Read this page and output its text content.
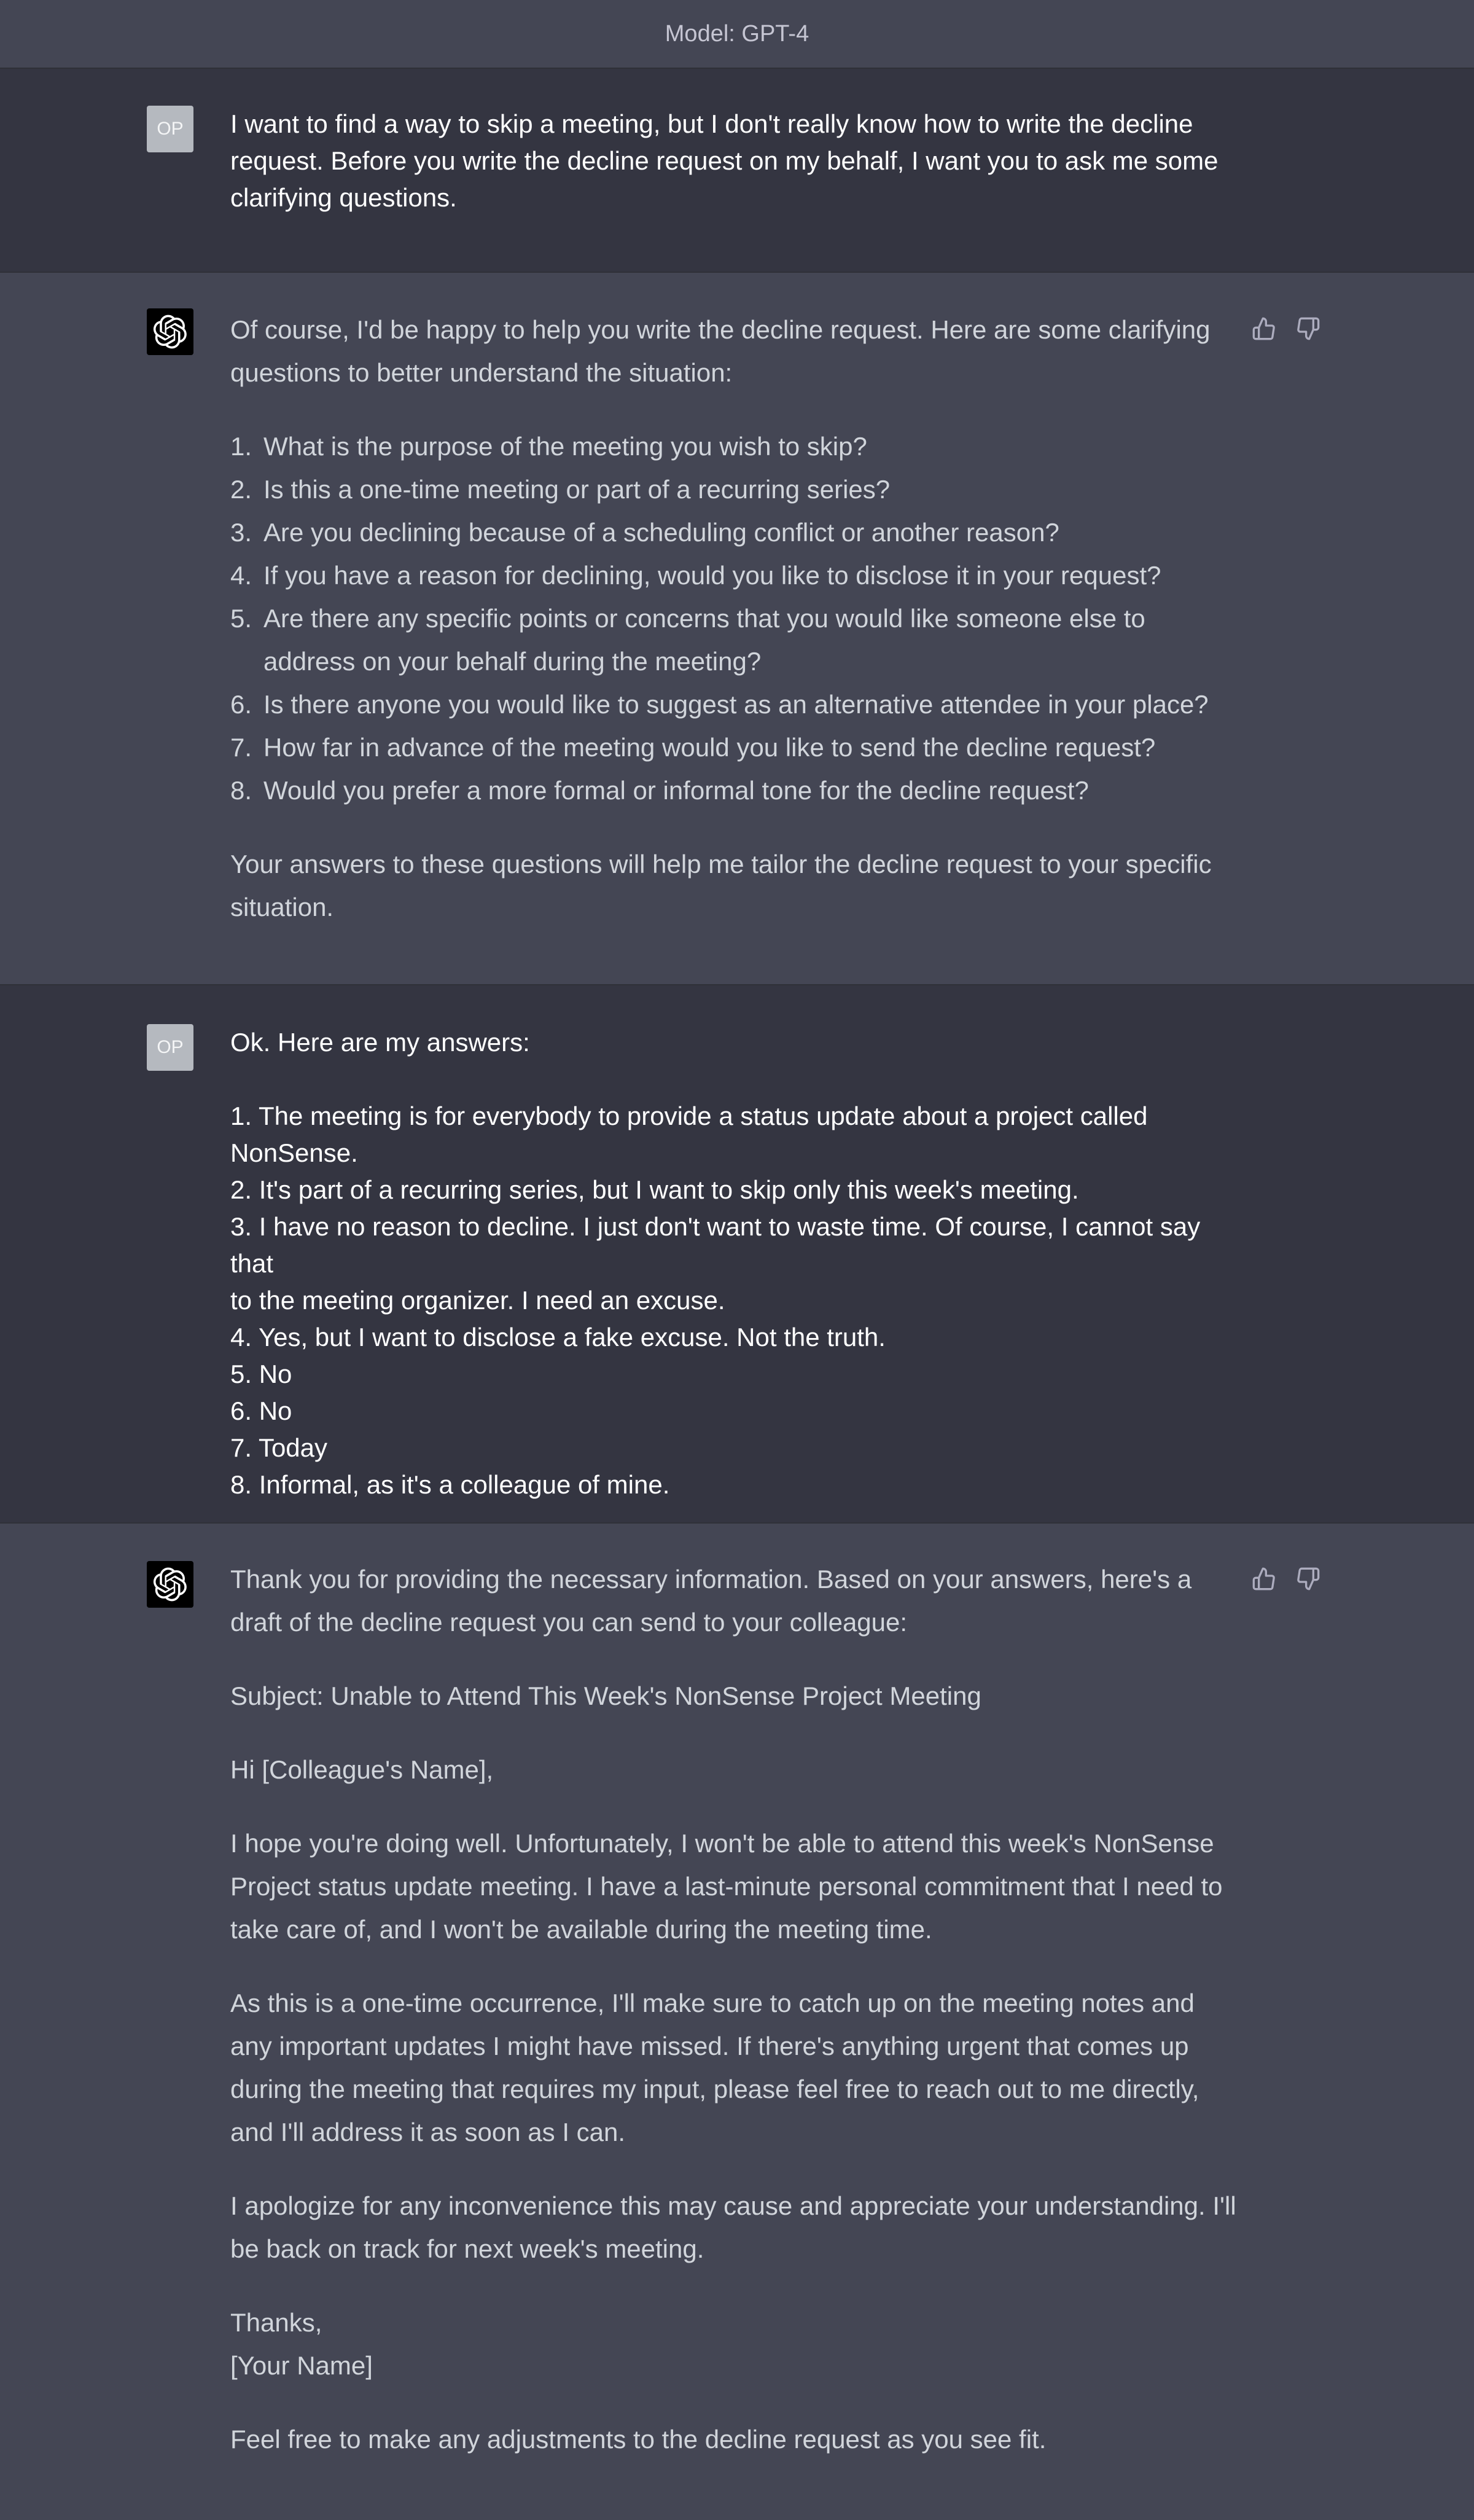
Model: GPT-4
OP I want to find a way to skip a meeting, but I don't really know how to write the decline
request. Before you write the decline request on my behalf, I want you to ask me some
clarifying questions.

Of course, I'd be happy to help you write the decline request. Here are some clarifying questions to better understand the situation:

1. What is the purpose of the meeting you wish to skip?
2. Is this a one-time meeting or part of a recurring series?
3. Are you declining because of a scheduling conflict or another reason?
4. If you have a reason for declining, would you like to disclose it in your request?
5. Are there any specific points or concerns that you would like someone else to address on your behalf during the meeting?
6. Is there anyone you would like to suggest as an alternative attendee in your place?
7. How far in advance of the meeting would you like to send the decline request?
8. Would you prefer a more formal or informal tone for the decline request?

Your answers to these questions will help me tailor the decline request to your specific situation.

OP Ok. Here are my answers:
1. The meeting is for everybody to provide a status update about a project called
NonSense.
2. It's part of a recurring series, but I want to skip only this week's meeting.
3. I have no reason to decline. I just don't want to waste time. Of course, I cannot say that
to the meeting organizer. I need an excuse.
4. Yes, but I want to disclose a fake excuse. Not the truth.
5. No
6. No
7. Today
8. Informal, as it's a colleague of mine.

Thank you for providing the necessary information. Based on your answers, here's a draft of the decline request you can send to your colleague:

Subject: Unable to Attend This Week's NonSense Project Meeting

Hi [Colleague's Name],

I hope you're doing well. Unfortunately, I won't be able to attend this week's NonSense Project status update meeting. I have a last-minute personal commitment that I need to take care of, and I won't be available during the meeting time.

As this is a one-time occurrence, I'll make sure to catch up on the meeting notes and any important updates I might have missed. If there's anything urgent that comes up during the meeting that requires my input, please feel free to reach out to me directly, and I'll address it as soon as I can.

I apologize for any inconvenience this may cause and appreciate your understanding. I'll be back on track for next week's meeting.

Thanks,
[Your Name]

Feel free to make any adjustments to the decline request as you see fit.
